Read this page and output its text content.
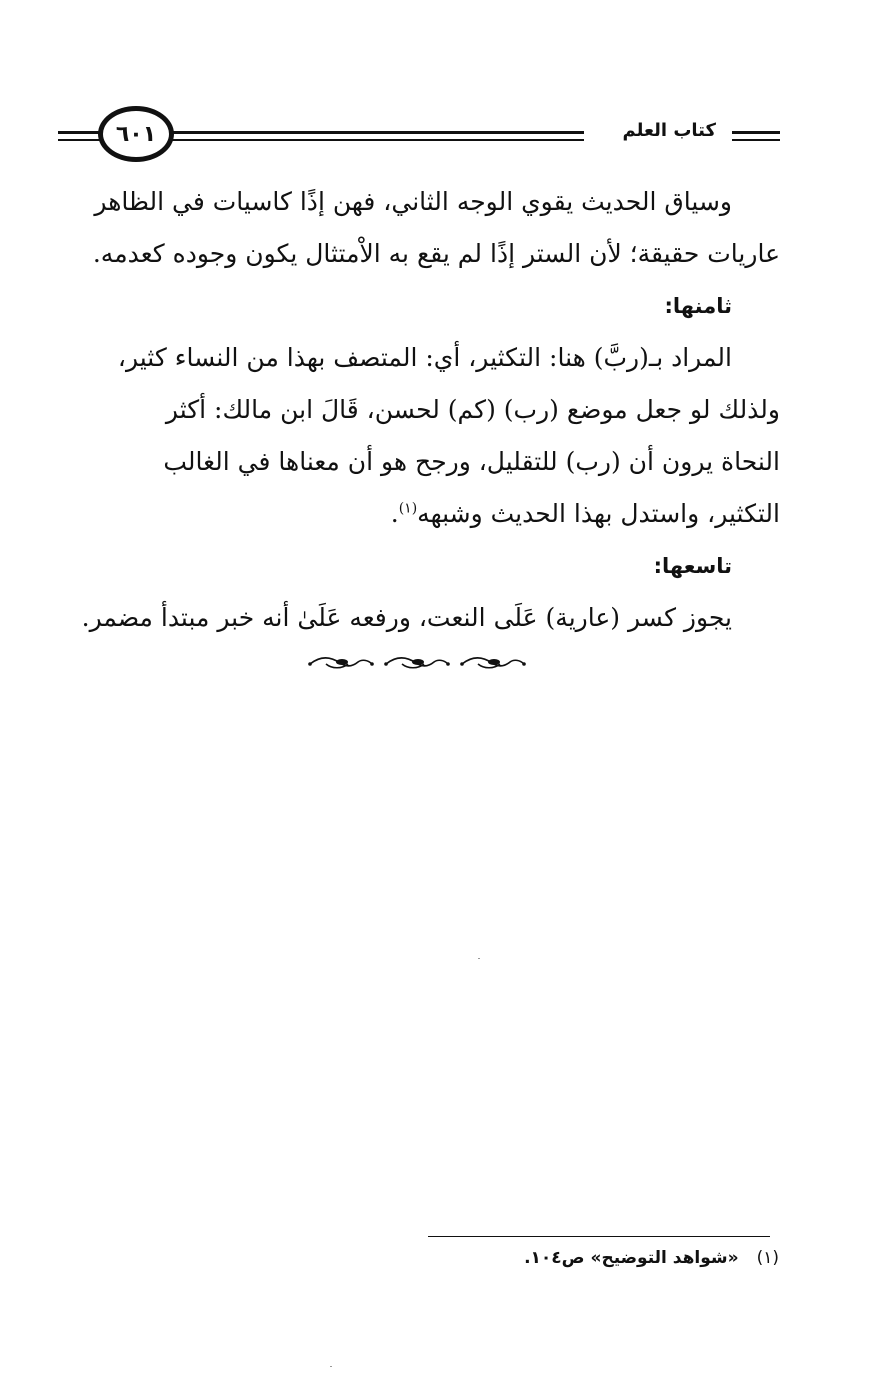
٦٠١	كتاب العلم
وسياق الحديث يقوي الوجه الثاني، فهن إذًا كاسيات في الظاهر
عاريات حقيقة؛ لأن الستر إذًا لم يقع به الاْمتثال يكون وجوده كعدمه.
ثامنها:
المراد بـ(ربَّ) هنا: التكثير، أي: المتصف بهذا من النساء كثير،
ولذلك لو جعل موضع (رب) (كم) لحسن، قَالَ ابن مالك: أكثر
النحاة يرون أن (رب) للتقليل، ورجح هو أن معناها في الغالب
التكثير، واستدل بهذا الحديث وشبهه$^{(١)}$.
تاسعها:
يجوز كسر (عارية) عَلَى النعت، ورفعه عَلَىٰ أنه خبر مبتدأ مضمر.
(١)«شواهد التوضيح» ص١٠٤.
